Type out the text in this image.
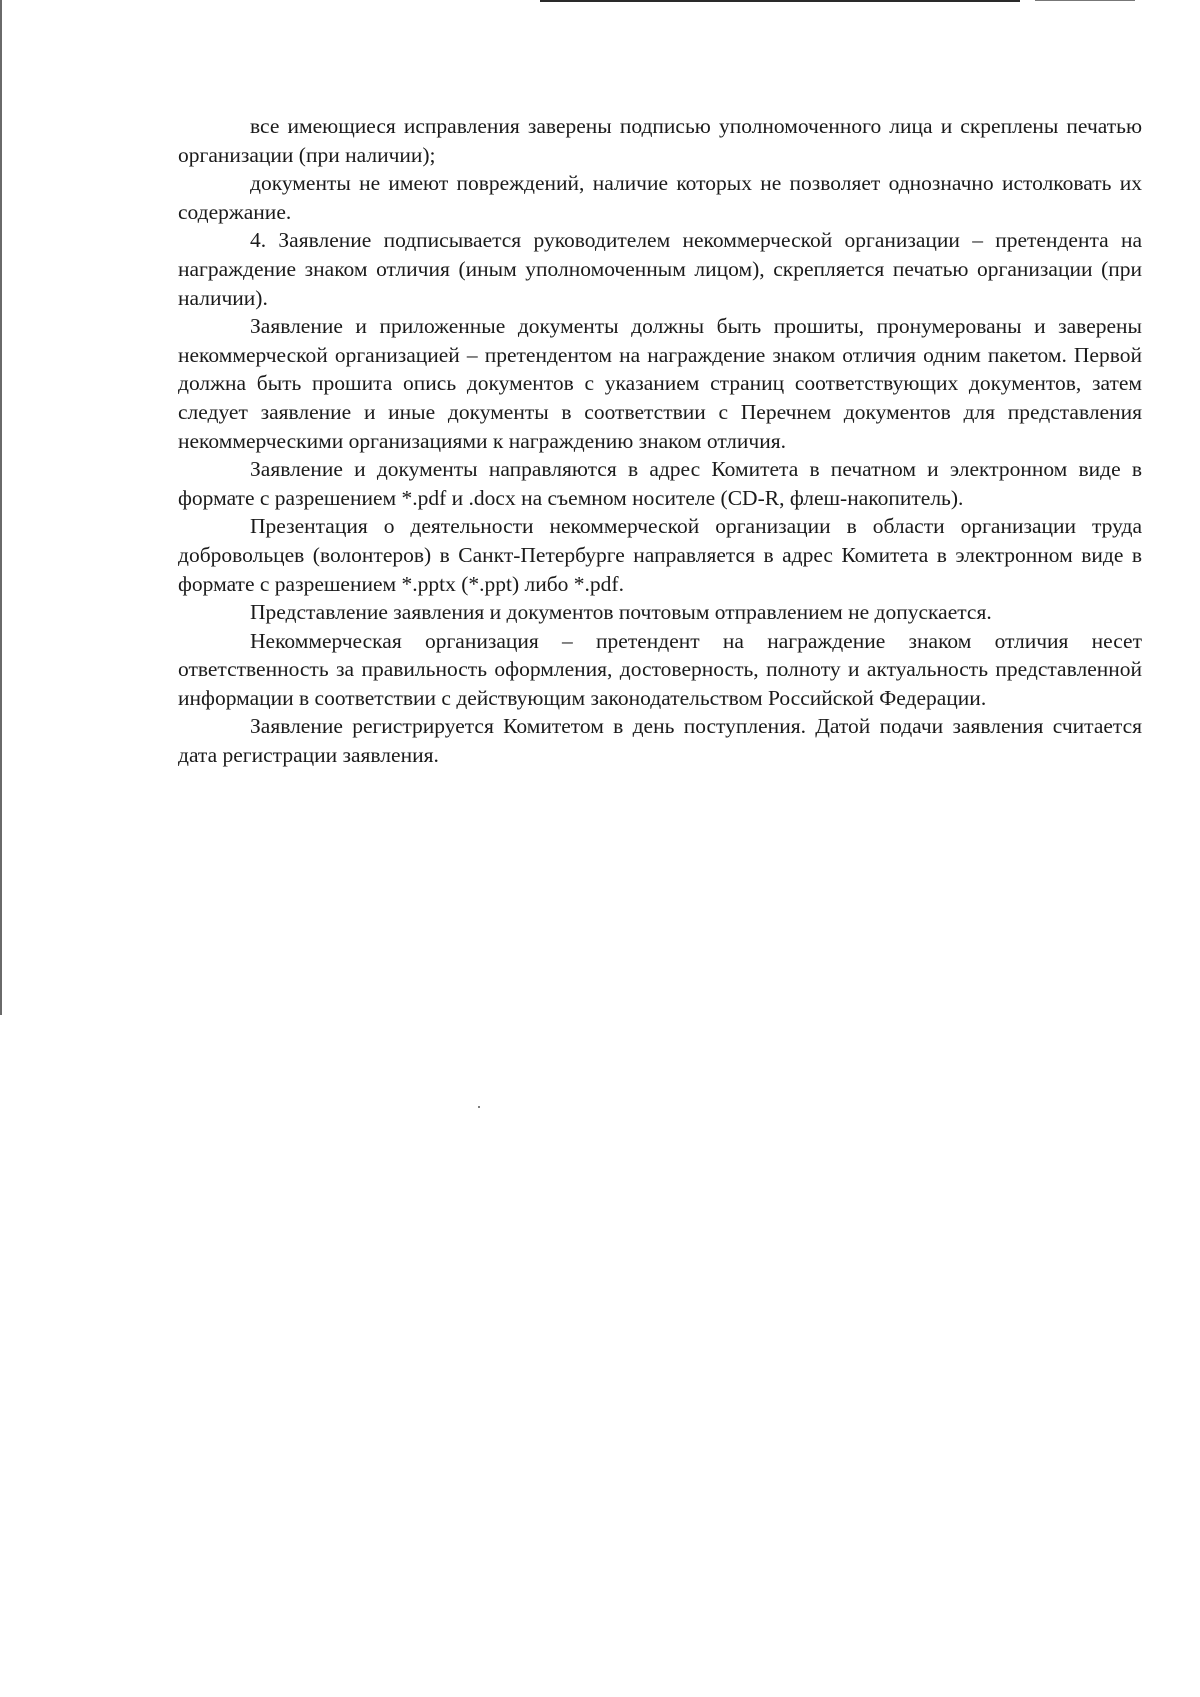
все имеющиеся исправления заверены подписью уполномоченного лица и скреплены печатью организации (при наличии);

документы не имеют повреждений, наличие которых не позволяет однозначно истолковать их содержание.

4. Заявление подписывается руководителем некоммерческой организации – претендента на награждение знаком отличия (иным уполномоченным лицом), скрепляется печатью организации (при наличии).

Заявление и приложенные документы должны быть прошиты, пронумерованы и заверены некоммерческой организацией – претендентом на награждение знаком отличия одним пакетом. Первой должна быть прошита опись документов с указанием страниц соответствующих документов, затем следует заявление и иные документы в соответствии с Перечнем документов для представления некоммерческими организациями к награждению знаком отличия.

Заявление и документы направляются в адрес Комитета в печатном и электронном виде в формате с разрешением *.pdf и .docx на съемном носителе (CD-R, флеш-накопитель).

Презентация о деятельности некоммерческой организации в области организации труда добровольцев (волонтеров) в Санкт-Петербурге направляется в адрес Комитета в электронном виде в формате с разрешением *.pptx (*.ppt) либо *.pdf.

Представление заявления и документов почтовым отправлением не допускается.

Некоммерческая организация – претендент на награждение знаком отличия несет ответственность за правильность оформления, достоверность, полноту и актуальность представленной информации в соответствии с действующим законодательством Российской Федерации.

Заявление регистрируется Комитетом в день поступления. Датой подачи заявления считается дата регистрации заявления.
